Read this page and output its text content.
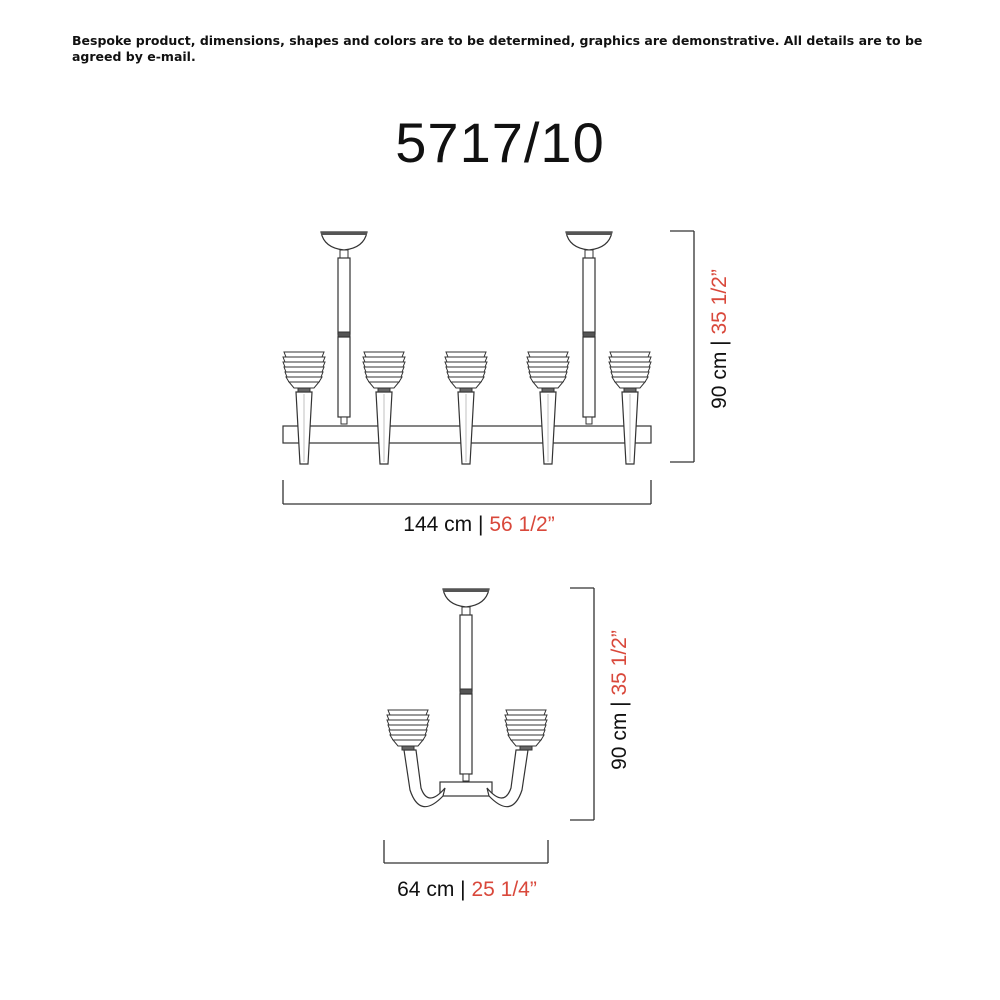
Bespoke product, dimensions, shapes and colors are to be determined, graphics are demonstrative. All details are to be agreed by e-mail.

5717/10
144 cm | 56 1/2”
90 cm | 35 1/2”
64 cm | 25 1/4”
90 cm | 35 1/2”
